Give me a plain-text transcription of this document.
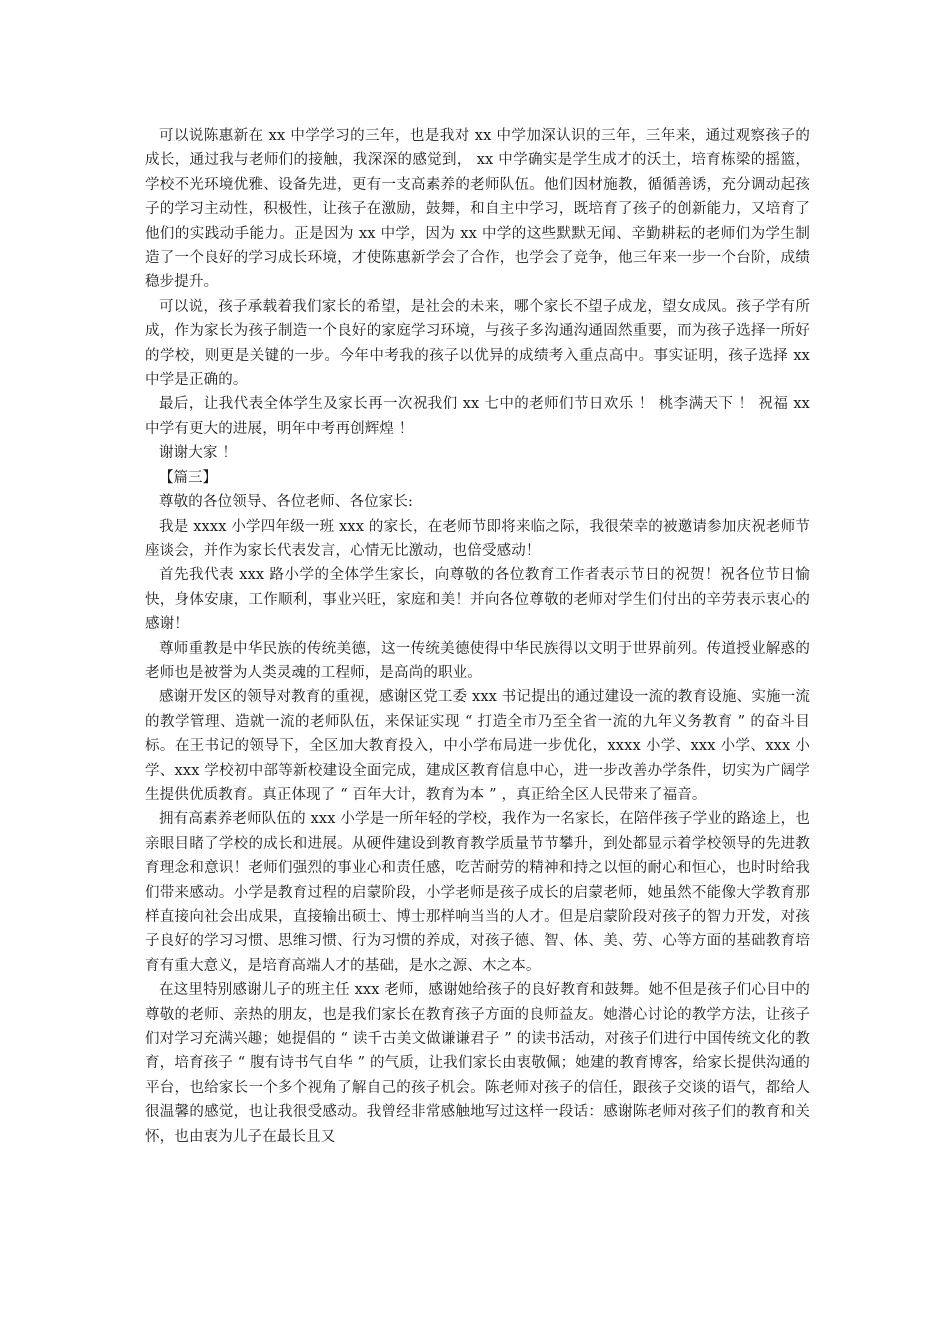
可以说陈惠新在 xx 中学学习的三年，也是我对 xx 中学加深认识的三年，三年来，通过观察孩子的成长，通过我与老师们的接触，我深深的感觉到， xx 中学确实是学生成才的沃土，培育栋梁的摇篮，学校不光环境优雅、设备先进，更有一支高素养的老师队伍。他们因材施教，循循善诱，充分调动起孩子的学习主动性，积极性，让孩子在激励，鼓舞，和自主中学习，既培育了孩子的创新能力，又培育了他们的实践动手能力。正是因为 xx 中学，因为 xx 中学的这些默默无闻、辛勤耕耘的老师们为学生制造了一个良好的学习成长环境，才使陈惠新学会了合作，也学会了竞争，他三年来一步一个台阶，成绩稳步提升。

可以说，孩子承载着我们家长的希望，是社会的未来，哪个家长不望子成龙，望女成凤。孩子学有所成，作为家长为孩子制造一个良好的家庭学习环境，与孩子多沟通沟通固然重要，而为孩子选择一所好的学校，则更是关键的一步。今年中考我的孩子以优异的成绩考入重点高中。事实证明，孩子选择 xx 中学是正确的。

最后，让我代表全体学生及家长再一次祝我们 xx 七中的老师们节日欢乐 ！ 桃李满天下 ！ 祝福 xx 中学有更大的进展，明年中考再创辉煌 ！

谢谢大家 ！

【篇三】

尊敬的各位领导、各位老师、各位家长:

我是 xxxx 小学四年级一班 xxx 的家长，在老师节即将来临之际，我很荣幸的被邀请参加庆祝老师节座谈会，并作为家长代表发言，心情无比激动，也倍受感动！

首先我代表 xxx 路小学的全体学生家长，向尊敬的各位教育工作者表示节日的祝贺！祝各位节日愉快，身体安康，工作顺利，事业兴旺，家庭和美！并向各位尊敬的老师对学生们付出的辛劳表示衷心的感谢！

尊师重教是中华民族的传统美德，这一传统美德使得中华民族得以文明于世界前列。传道授业解惑的老师也是被誉为人类灵魂的工程师，是高尚的职业。

感谢开发区的领导对教育的重视，感谢区党工委 xxx 书记提出的通过建设一流的教育设施、实施一流的教学管理、造就一流的老师队伍，来保证实现 “ 打造全市乃至全省一流的九年义务教育 ” 的奋斗目标。在王书记的领导下，全区加大教育投入，中小学布局进一步优化，xxxx 小学、xxx 小学、xxx 小学、xxx 学校初中部等新校建设全面完成，建成区教育信息中心，进一步改善办学条件，切实为广阔学生提供优质教育。真正体现了 “ 百年大计，教育为本 ” ，真正给全区人民带来了福音。

拥有高素养老师队伍的 xxx 小学是一所年轻的学校，我作为一名家长，在陪伴孩子学业的路途上，也亲眼目睹了学校的成长和进展。从硬件建设到教育教学质量节节攀升，到处都显示着学校领导的先进教育理念和意识！老师们强烈的事业心和责任感，吃苦耐劳的精神和持之以恒的耐心和恒心，也时时给我们带来感动。小学是教育过程的启蒙阶段，小学老师是孩子成长的启蒙老师，她虽然不能像大学教育那样直接向社会出成果，直接输出硕士、博士那样响当当的人才。但是启蒙阶段对孩子的智力开发，对孩子良好的学习习惯、思维习惯、行为习惯的养成，对孩子德、智、体、美、劳、心等方面的基础教育培育有重大意义，是培育高端人才的基础，是水之源、木之本。

在这里特别感谢儿子的班主任 xxx 老师，感谢她给孩子的良好教育和鼓舞。她不但是孩子们心目中的尊敬的老师、亲热的朋友，也是我们家长在教育孩子方面的良师益友。她潜心讨论的教学方法，让孩子们对学习充满兴趣；她提倡的 “ 读千古美文做谦谦君子 ” 的读书活动，对孩子们进行中国传统文化的教育，培育孩子 “ 腹有诗书气自华 ” 的气质，让我们家长由衷敬佩；她建的教育博客，给家长提供沟通的平台，也给家长一个多个视角了解自己的孩子机会。陈老师对孩子的信任，跟孩子交谈的语气，都给人很温馨的感觉，也让我很受感动。我曾经非常感触地写过这样一段话：感谢陈老师对孩子们的教育和关怀，也由衷为儿子在最长且又
